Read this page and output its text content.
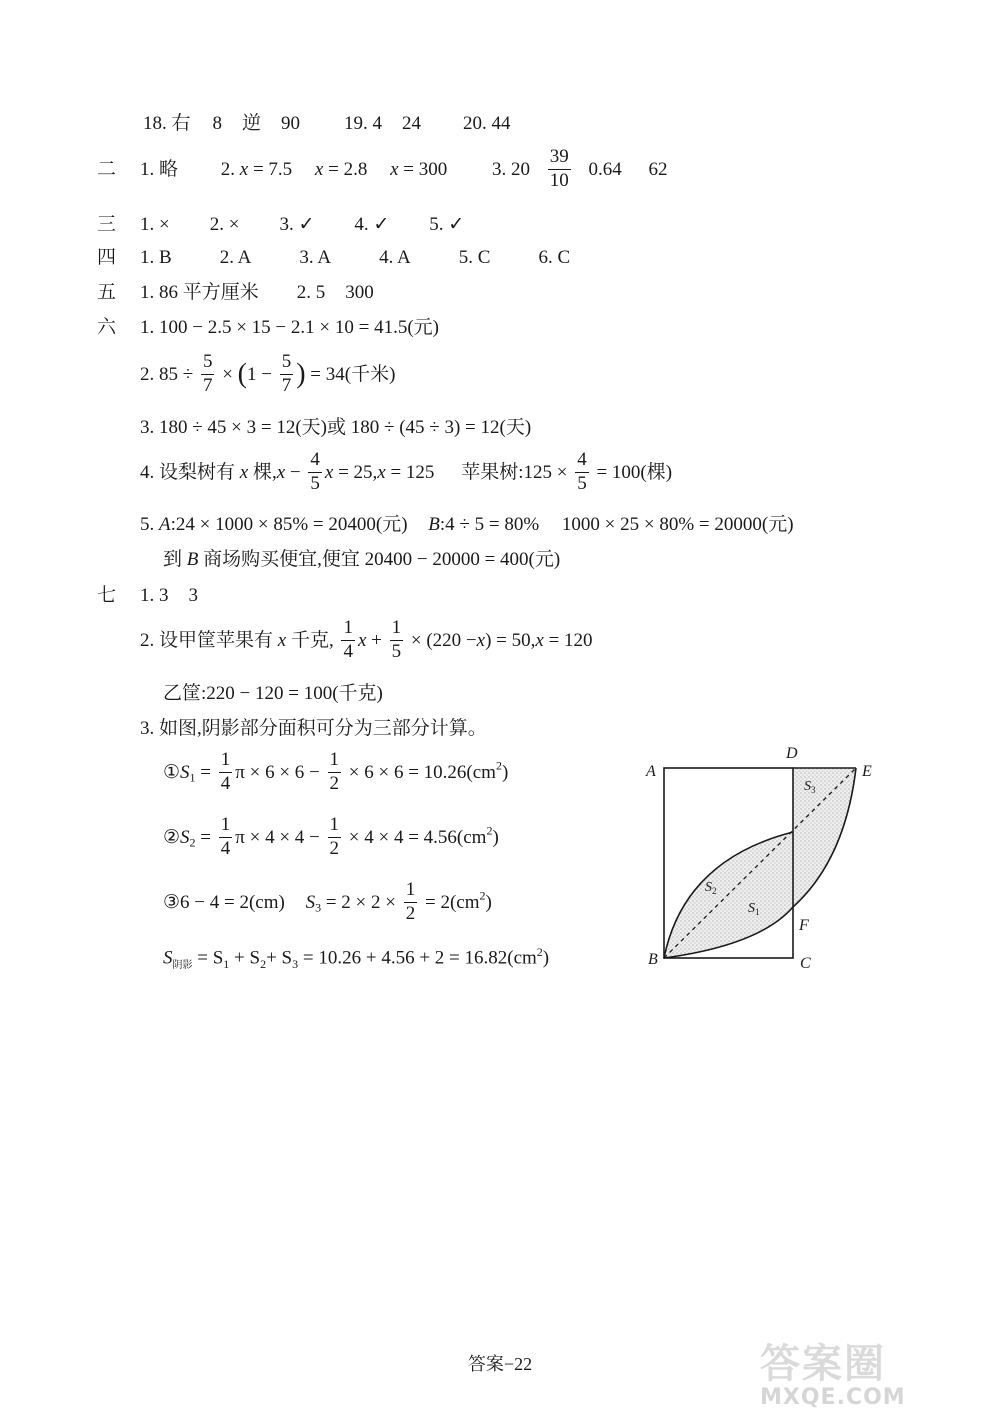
18. 右 8 逆 90 19. 4 24 20. 44
二	1. 略 2. x = 7.5 x = 2.8 x = 300 3. $20 \frac{39}{10} 0.64$ 62
三	1. × 2. × 3. ✓ 4. ✓ 5. ✓
四	1. B	2. A	3. A	4. A	5. C	6. C
五	1. 86 平方厘米 2. 5 300
六	1. 100 − 2.5 × 15 − 2.1 × 10 = 41.5(元)
2. $85 \div \frac{5}{7} \times (1 - \frac{5}{7}$ ) = 34(千米)
3. 180 ÷ 45 × 3 = 12(天)或 180 ÷ (45 ÷ 3) = 12(天)
4. 设梨树有 x 棵$,x - \frac{4}{5}$ x = 25,x = 125 苹果树:125 × $\frac{4}{5} = 100$(棵)
5. A:24 × 1000 × 85% = 20400(元) B:4 ÷ 5 = 80% 1000 × 25 × 80% = 20000(元)
到 B 商场购买便宜,便宜 20400 − 20000 = 400(元)
七	1. 3 3
2. 设甲筐苹果有 x 千克, $\frac{1}{4}$ $x + \frac{1}{5} \times (220 -x) = 50,x = 120$
乙筐:220 − 120 = 100(千克)
3. 如图,阴影部分面积可分为三部分计算。
$①S_1 = \frac{1}{4}$ $\pi \times 6 \times 6 - \frac{1}{2} \times 6 \times 6 = 10.26(cm^2)$
$②S_2 = \frac{1}{4}$ $\pi \times 4 \times 4 - \frac{1}{2} \times 4 \times 4 = 4.56(cm^2)$
③6 − 4 = 2(cm) $S_3 = 2 \times 2 \times \frac{1}{2} = 2(cm^2)$
$S_{阴影} = S_1 + S_2+ S_3 = 10.26 + 4.56 + 2 = 16.82(cm^2)$
A
D
E
F
B	C
$S_3$
$S_2$
$S_1$
答案−22	答案圈
MXQE.COM
